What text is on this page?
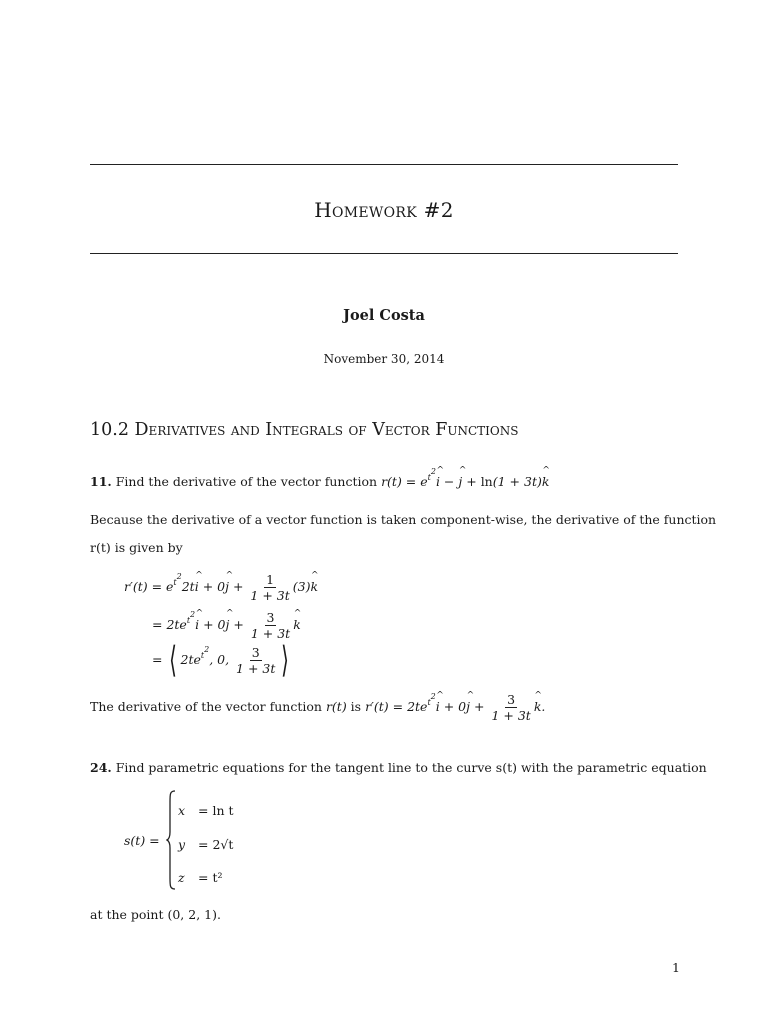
Homework #2
Joel Costa
November 30, 2014
10.2 Derivatives and Integrals of Vector Functions
11. Find the derivative of the vector function $r(t) = e^{t^2}\^{}$ i − ^ j + ln(1 + 3t)^ k
Because the derivative of a vector function is taken component-wise, the derivative of the function
r(t) is given by
$r'(t) = e^{t^2}2t\^{}$ i + 0^ $j + \frac{1}{1 + 3t}$ (3)^ k
= $2te^{t^2}\^{}$ i + 0^ $j + \frac{3}{1 + 3t}$ ^ k
= ⟨ $2te^{t^2}$, 0, $\frac{3}{1 + 3t}$ ⟩
The derivative of the vector function r(t) is $r'(t) = 2te^{t^2}\^{}$ i + 0^ $j + \frac{3}{1 + 3t}$ ^ k.
24. Find parametric equations for the tangent line to the curve s(t) with the parametric equation
s(t) =
x = ln t
y = 2√t
z = t²
at the point (0, 2, 1).
1
